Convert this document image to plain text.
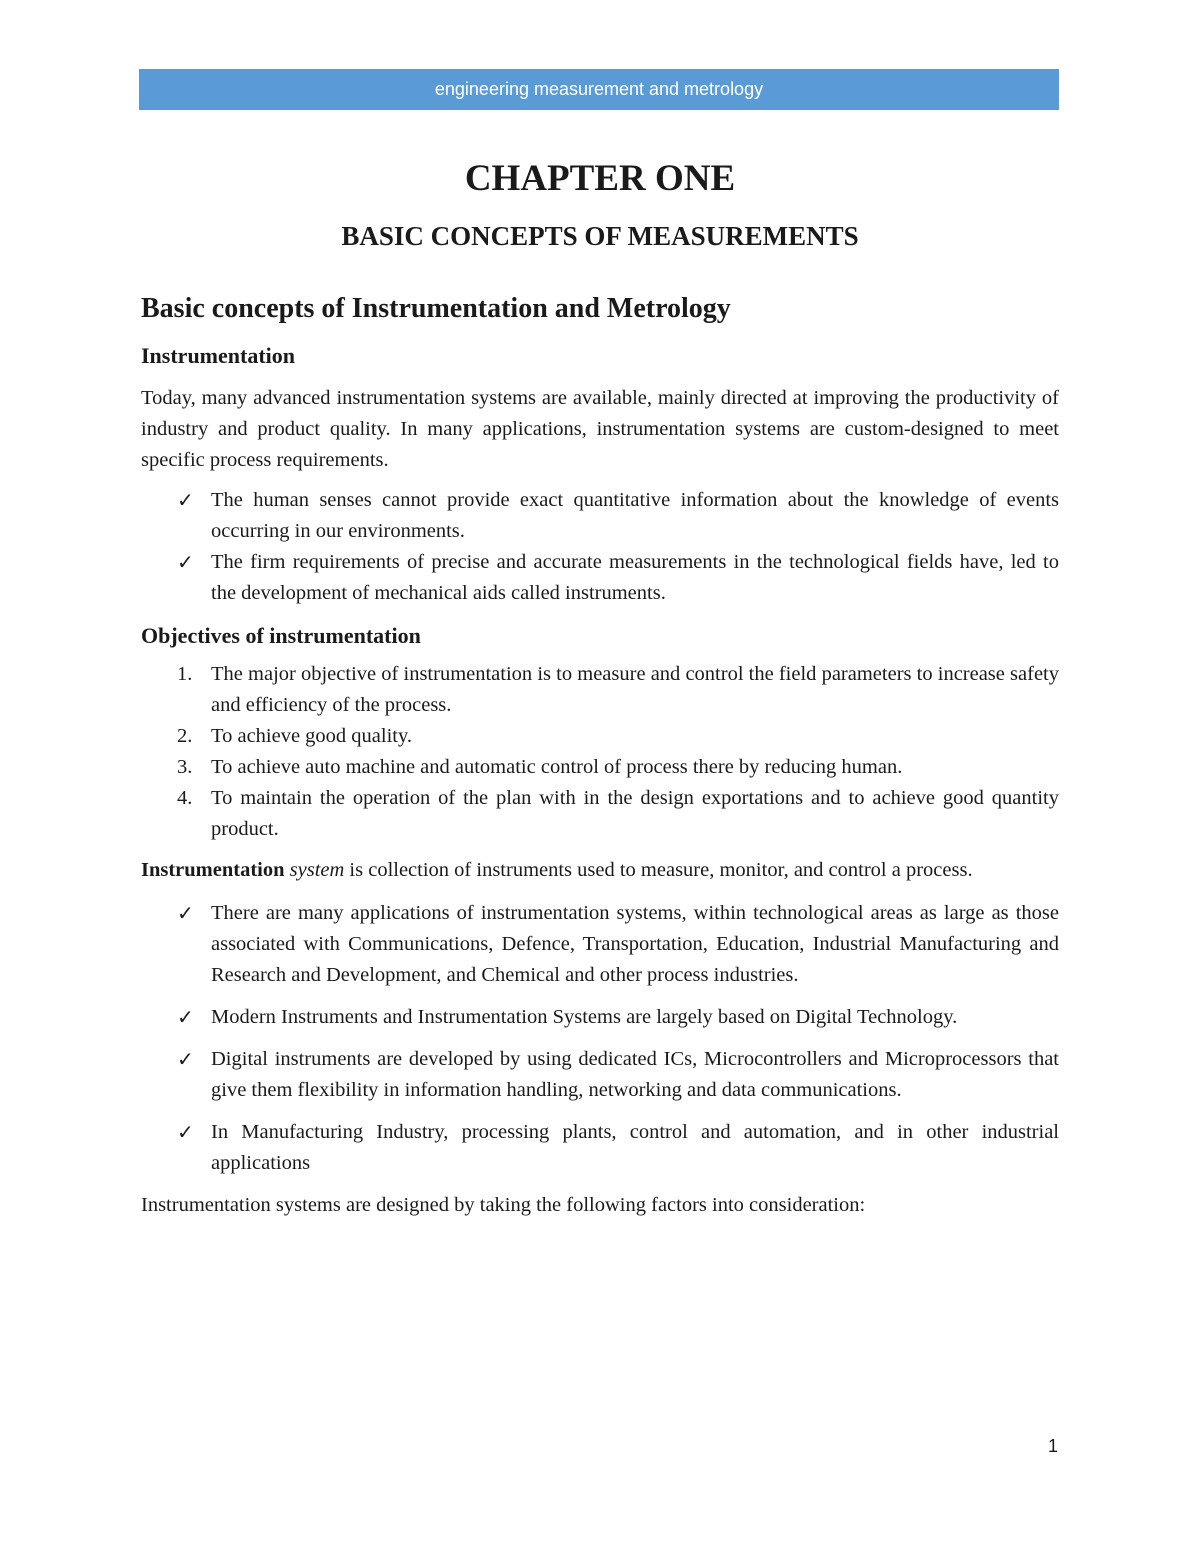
engineering measurement and metrology
CHAPTER ONE
BASIC CONCEPTS OF MEASUREMENTS
Basic concepts of Instrumentation and Metrology
Instrumentation

Today, many advanced instrumentation systems are available, mainly directed at improving the productivity of industry and product quality. In many applications, instrumentation systems are custom-designed to meet specific process requirements.

✓ The human senses cannot provide exact quantitative information about the knowledge of events occurring in our environments.
✓ The firm requirements of precise and accurate measurements in the technological fields have, led to the development of mechanical aids called instruments.
Objectives of instrumentation
1. The major objective of instrumentation is to measure and control the field parameters to increase safety and efficiency of the process.
2. To achieve good quality.
3. To achieve auto machine and automatic control of process there by reducing human.
4. To maintain the operation of the plan with in the design exportations and to achieve good quantity product.

Instrumentation system is collection of instruments used to measure, monitor, and control a process.

✓ There are many applications of instrumentation systems, within technological areas as large as those associated with Communications, Defence, Transportation, Education, Industrial Manufacturing and Research and Development, and Chemical and other process industries.
✓ Modern Instruments and Instrumentation Systems are largely based on Digital Technology.
✓ Digital instruments are developed by using dedicated ICs, Microcontrollers and Microprocessors that give them flexibility in information handling, networking and data communications.
✓ In Manufacturing Industry, processing plants, control and automation, and in other industrial applications

Instrumentation systems are designed by taking the following factors into consideration:

1
